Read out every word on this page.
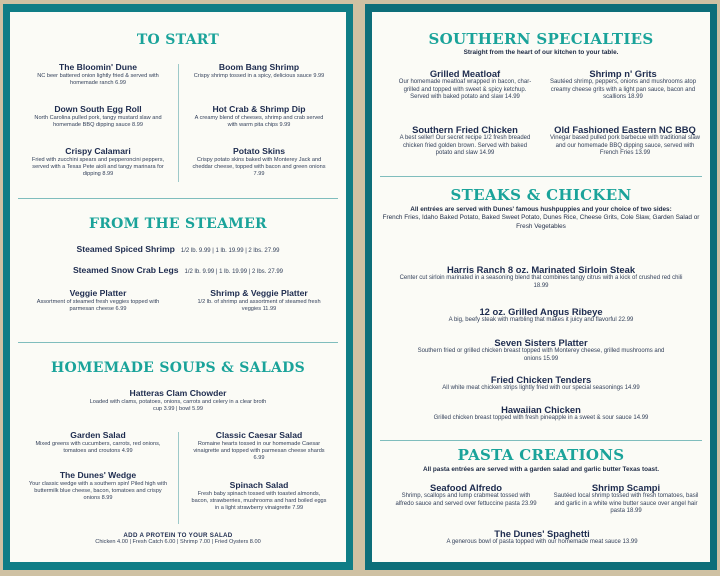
TO START
The Bloomin' Dune
NC beer battered onion lightly fried & served with homemade ranch 6.99
Boom Bang Shrimp
Crispy shrimp tossed in a spicy, delicious sauce 9.99
Down South Egg Roll
North Carolina pulled pork, tangy mustard slaw and homemade BBQ dipping sauce 8.99
Hot Crab & Shrimp Dip
A creamy blend of cheeses, shrimp and crab served with warm pita chips 9.99
Crispy Calamari
Fried with zucchini spears and pepperoncini peppers, served with a Texas Pete aioli and tangy marinara for dipping 8.99
Potato Skins
Crispy potato skins baked with Monterey Jack and cheddar cheese, topped with bacon and green onions 7.99
FROM THE STEAMER
Steamed Spiced Shrimp 1/2 lb. 9.99 | 1 lb. 19.99 | 2 lbs. 27.99
Steamed Snow Crab Legs 1/2 lb. 9.99 | 1 lb. 19.99 | 2 lbs. 27.99
Veggie Platter
Assortment of steamed fresh veggies topped with parmesan cheese 6.99
Shrimp & Veggie Platter
1/2 lb. of shrimp and assortment of steamed fresh veggies 11.99
HOMEMADE SOUPS & SALADS
Hatteras Clam Chowder
Loaded with clams, potatoes, onions, carrots and celery in a clear broth
cup 3.99 | bowl 5.99
Garden Salad
Mixed greens with cucumbers, carrots, red onions, tomatoes and croutons 4.99
Classic Caesar Salad
Romaine hearts tossed in our homemade Caesar vinaigrette and topped with parmesan cheese shards 6.99
The Dunes' Wedge
Your classic wedge with a southern spin! Piled high with buttermilk blue cheese, bacon, tomatoes and crispy onions 8.99
Spinach Salad
Fresh baby spinach tossed with toasted almonds, bacon, strawberries, mushrooms and hard boiled eggs in a light strawberry vinaigrette 7.99
ADD A PROTEIN TO YOUR SALAD
Chicken 4.00 | Fresh Catch 6.00 | Shrimp 7.00 | Fried Oysters 8.00
SOUTHERN SPECIALTIES
Straight from the heart of our kitchen to your table.
Grilled Meatloaf
Our homemade meatloaf wrapped in bacon, char-grilled and topped with sweet & spicy ketchup. Served with baked potato and slaw 14.99
Shrimp n' Grits
Sautéed shrimp, peppers, onions and mushrooms atop creamy cheese grits with a light pan sauce, bacon and scallions 18.99
Southern Fried Chicken
A best seller! Our secret recipe 1/2 fresh breaded chicken fried golden brown. Served with baked potato and slaw 14.99
Old Fashioned Eastern NC BBQ
Vinegar based pulled pork barbecue with traditional slaw and our homemade BBQ dipping sauce, served with French Fries 13.99
STEAKS & CHICKEN
All entrées are served with Dunes' famous hushpuppies and your choice of two sides:
French Fries, Idaho Baked Potato, Baked Sweet Potato, Dunes Rice, Cheese Grits, Cole Slaw, Garden Salad or Fresh Vegetables
Harris Ranch 8 oz. Marinated Sirloin Steak
Center cut sirloin marinated in a seasoning blend that combines tangy citrus with a kick of crushed red chili 18.99
12 oz. Grilled Angus Ribeye
A big, beefy steak with marbling that makes it juicy and flavorful 22.99
Seven Sisters Platter
Southern fried or grilled chicken breast topped with Monterey cheese, grilled mushrooms and onions 15.99
Fried Chicken Tenders
All white meat chicken strips lightly fried with our special seasonings 14.99
Hawaiian Chicken
Grilled chicken breast topped with fresh pineapple in a sweet & sour sauce 14.99
PASTA CREATIONS
All pasta entrées are served with a garden salad and garlic butter Texas toast.
Seafood Alfredo
Shrimp, scallops and lump crabmeat tossed with alfredo sauce and served over fettuccine pasta 23.99
Shrimp Scampi
Sautéed local shrimp tossed with fresh tomatoes, basil and garlic in a white wine butter sauce over angel hair pasta 18.99
The Dunes' Spaghetti
A generous bowl of pasta topped with our homemade meat sauce 13.99
